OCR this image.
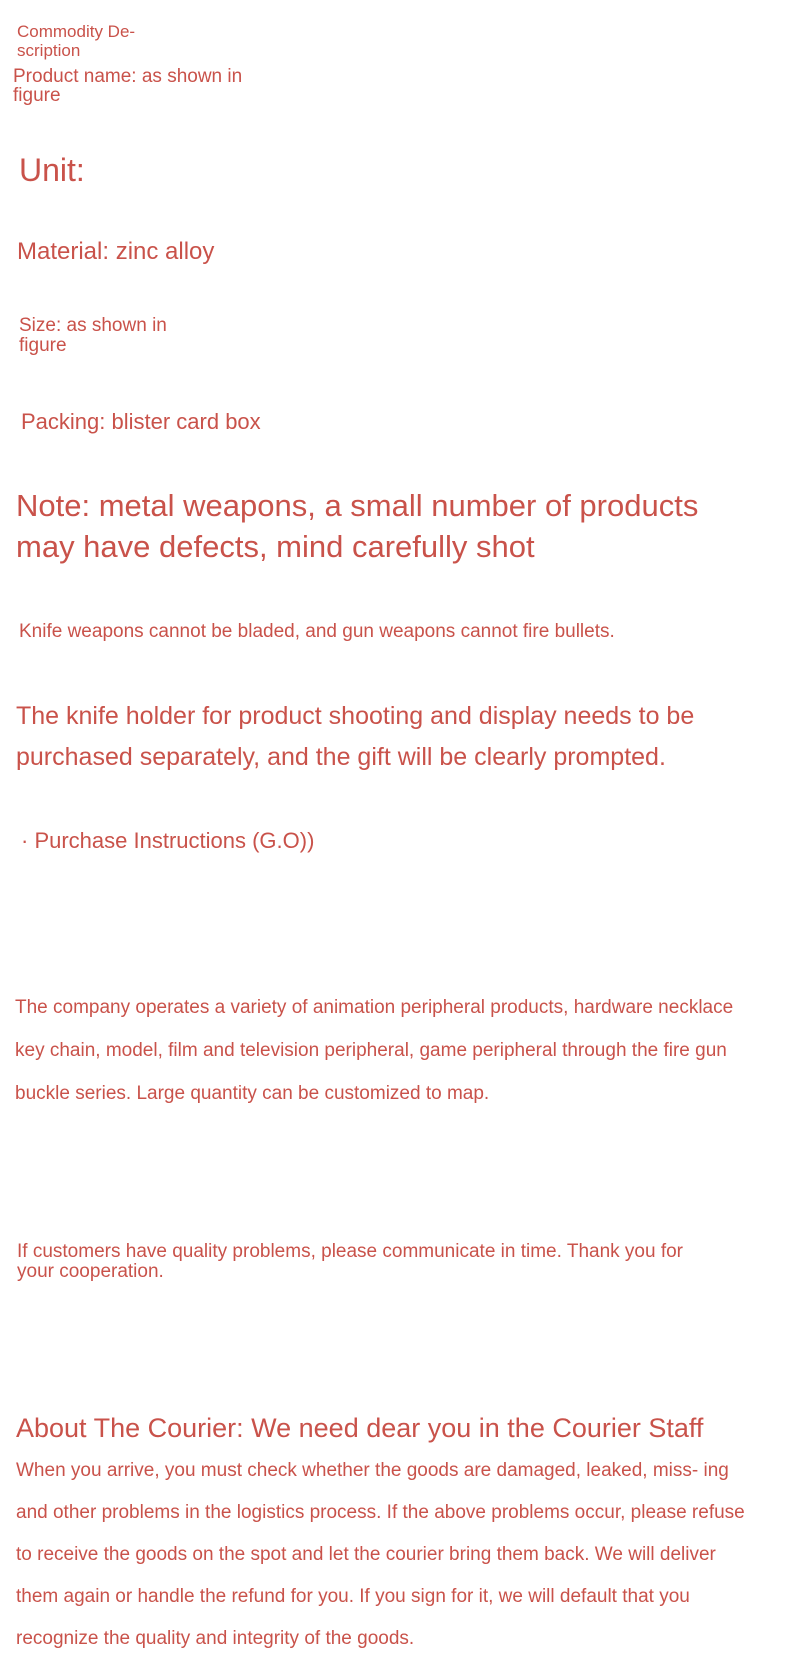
Commodity De- scription

Product name: as shown in figure

Unit:

Material: zinc alloy

Size: as shown in figure

Packing: blister card box

Note: metal weapons, a small number of products may have defects, mind carefully shot

Knife weapons cannot be bladed, and gun weapons cannot fire bullets.

The knife holder for product shooting and display needs to be purchased separately, and the gift will be clearly prompted.

· Purchase Instructions (G.O))

The company operates a variety of animation peripheral products, hardware necklace key chain, model, film and television peripheral, game peripheral through the fire gun buckle series. Large quantity can be customized to map.

If customers have quality problems, please communicate in time. Thank you for your cooperation.

About The Courier: We need dear you in the Courier Staff

When you arrive, you must check whether the goods are damaged, leaked, miss- ing and other problems in the logistics process. If the above problems occur, please refuse to receive the goods on the spot and let the courier bring them back. We will deliver them again or handle the refund for you. If you sign for it, we will default that you recognize the quality and integrity of the goods.
